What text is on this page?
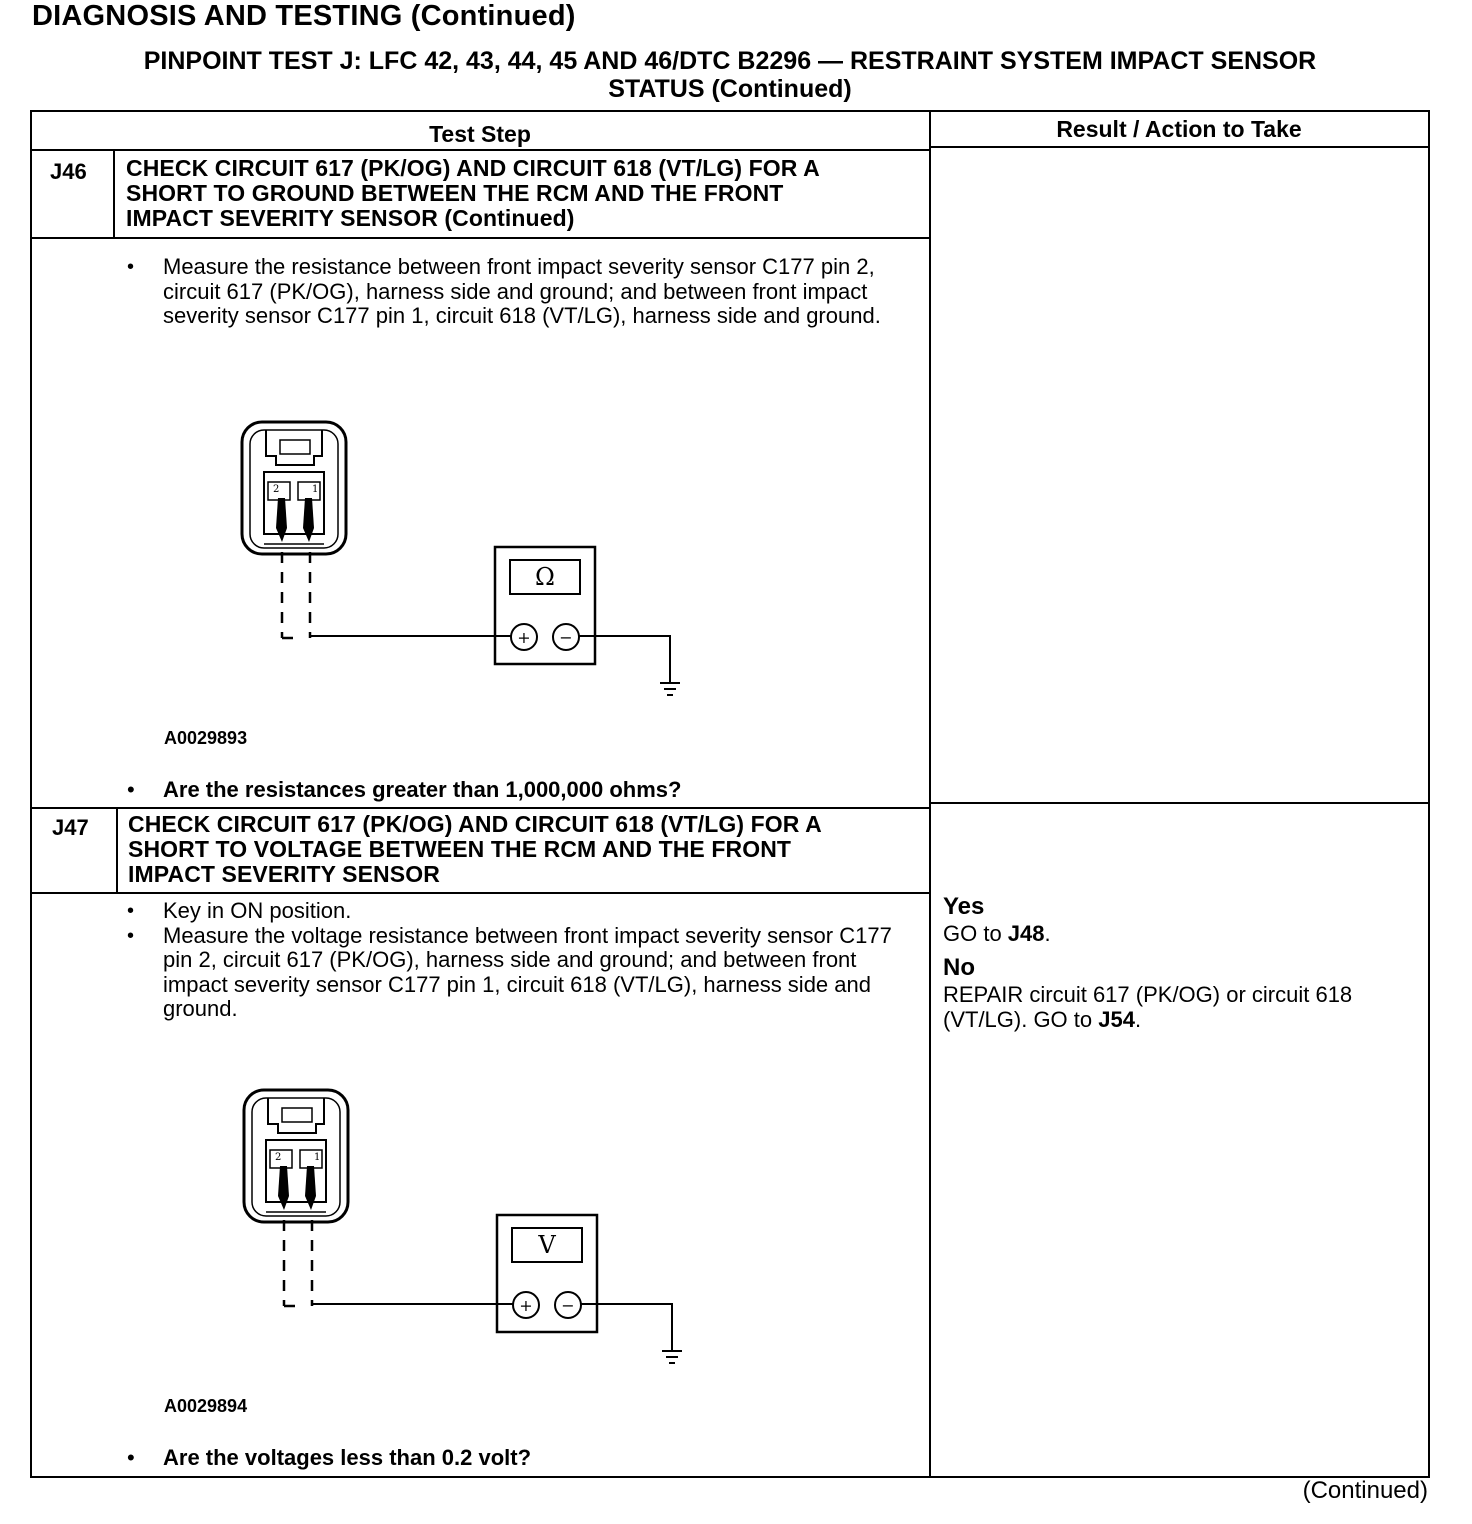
DIAGNOSIS AND TESTING (Continued)
PINPOINT TEST J: LFC 42, 43, 44, 45 AND 46/DTC B2296 — RESTRAINT SYSTEM IMPACT SENSOR
STATUS (Continued)
Test Step	Result / Action to Take
J46 CHECK CIRCUIT 617 (PK/OG) AND CIRCUIT 618 (VT/LG) FOR A
SHORT TO GROUND BETWEEN THE RCM AND THE FRONT
IMPACT SEVERITY SENSOR (Continued)
• Measure the resistance between front impact severity sensor C177 pin 2, circuit 617 (PK/OG), harness side and ground; and between front impact severity sensor C177 pin 1, circuit 618 (VT/LG), harness side and ground.
2	1
Ω
+ −
A0029893
• Are the resistances greater than 1,000,000 ohms?
J47 CHECK CIRCUIT 617 (PK/OG) AND CIRCUIT 618 (VT/LG) FOR A
SHORT TO VOLTAGE BETWEEN THE RCM AND THE FRONT
IMPACT SEVERITY SENSOR
• Key in ON position.
• Measure the voltage resistance between front impact severity sensor C177 pin 2, circuit 617 (PK/OG), harness side and ground; and between front impact severity sensor C177 pin 1, circuit 618 (VT/LG), harness side and ground.
2	1
V
+ −
A0029894
• Are the voltages less than 0.2 volt?
Yes
GO to J48.
No
REPAIR circuit 617 (PK/OG) or circuit 618 (VT/LG). GO to J54.
(Continued)
